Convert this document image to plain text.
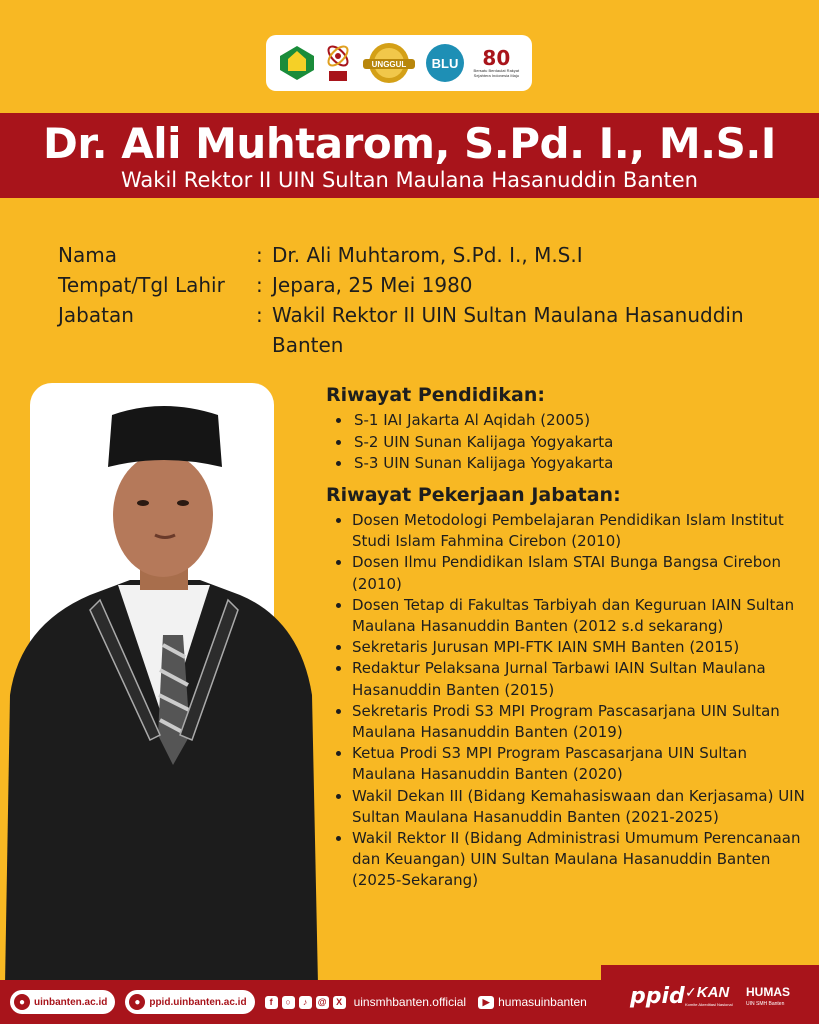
UNGGUL BLU 80
Bersatu Berdaulat Rakyat Sejahtera Indonesia Maju
Dr. Ali Muhtarom, S.Pd. I., M.S.I
Wakil Rektor II UIN Sultan Maulana Hasanuddin Banten
Nama	: Dr. Ali Muhtarom, S.Pd. I., M.S.I
Tempat/Tgl Lahir	: Jepara, 25 Mei 1980
Jabatan	: Wakil Rektor II UIN Sultan Maulana Hasanuddin Banten
Riwayat Pendidikan:
• S-1 IAI Jakarta Al Aqidah (2005)
• S-2 UIN Sunan Kalijaga Yogyakarta
• S-3 UIN Sunan Kalijaga Yogyakarta
Riwayat Pekerjaan Jabatan:
• Dosen Metodologi Pembelajaran Pendidikan Islam Institut Studi Islam Fahmina Cirebon (2010)
• Dosen Ilmu Pendidikan Islam STAI Bunga Bangsa Cirebon (2010)
• Dosen Tetap di Fakultas Tarbiyah dan Keguruan IAIN Sultan Maulana Hasanuddin Banten (2012 s.d sekarang)
• Sekretaris Jurusan MPI-FTK IAIN SMH Banten (2015)
• Redaktur Pelaksana Jurnal Tarbawi IAIN Sultan Maulana Hasanuddin Banten (2015)
• Sekretaris Prodi S3 MPI Program Pascasarjana UIN Sultan Maulana Hasanuddin Banten (2019)
• Ketua Prodi S3 MPI Program Pascasarjana UIN Sultan Maulana Hasanuddin Banten (2020)
• Wakil Dekan III (Bidang Kemahasiswaan dan Kerjasama) UIN Sultan Maulana Hasanuddin Banten (2021-2025)
• Wakil Rektor II (Bidang Administrasi Umumum Perencanaan dan Keuangan) UIN Sultan Maulana Hasanuddin Banten (2025-Sekarang)
● uinbanten.ac.id	● ppid.uinbanten.ac.id	f	○	♪	@	X uinsmhbanten.official	▶ humasuinbanten ppid ✓KAN
Komite Akreditasi Nasional
HUMAS
UIN SMH Banten
